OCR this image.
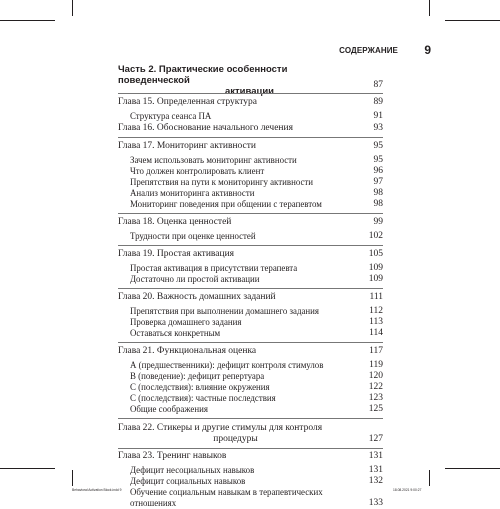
СОДЕРЖАНИЕ 9
Часть 2. Практические особенности поведенческой
активации
87
Глава 15. Определенная структура	89
Структура сеанса ПА	91
Глава 16. Обоснование начального лечения	93
Глава 17. Мониторинг активности	95
Зачем использовать мониторинг активности	95
Что должен контролировать клиент	96
Препятствия на пути к мониторингу активности	97
Анализ мониторинга активности	98
Мониторинг поведения при общении с терапевтом	98
Глава 18. Оценка ценностей	99
Трудности при оценке ценностей	102
Глава 19. Простая активация	105
Простая активация в присутствии терапевта	109
Достаточно ли простой активации	109
Глава 20. Важность домашних заданий	111
Препятствия при выполнении домашнего задания	112
Проверка домашнего задания	113
Оставаться конкретным	114
Глава 21. Функциональная оценка	117
А (предшественники): дефицит контроля стимулов	119
В (поведение): дефицит репертуара	120
С (последствия): влияние окружения	122
С (последствия): частные последствия	123
Общие соображения	125
Глава 22. Стикеры и другие стимулы для контроля
процедуры	127
Глава 23. Тренинг навыков	131
Дефицит несоциальных навыков	131
Дефицит социальных навыков	132
Обучение социальным навыкам в терапевтических
отношениях	133
Behavioral Activation Block.indd 9	18.08.2021 9:00:27
